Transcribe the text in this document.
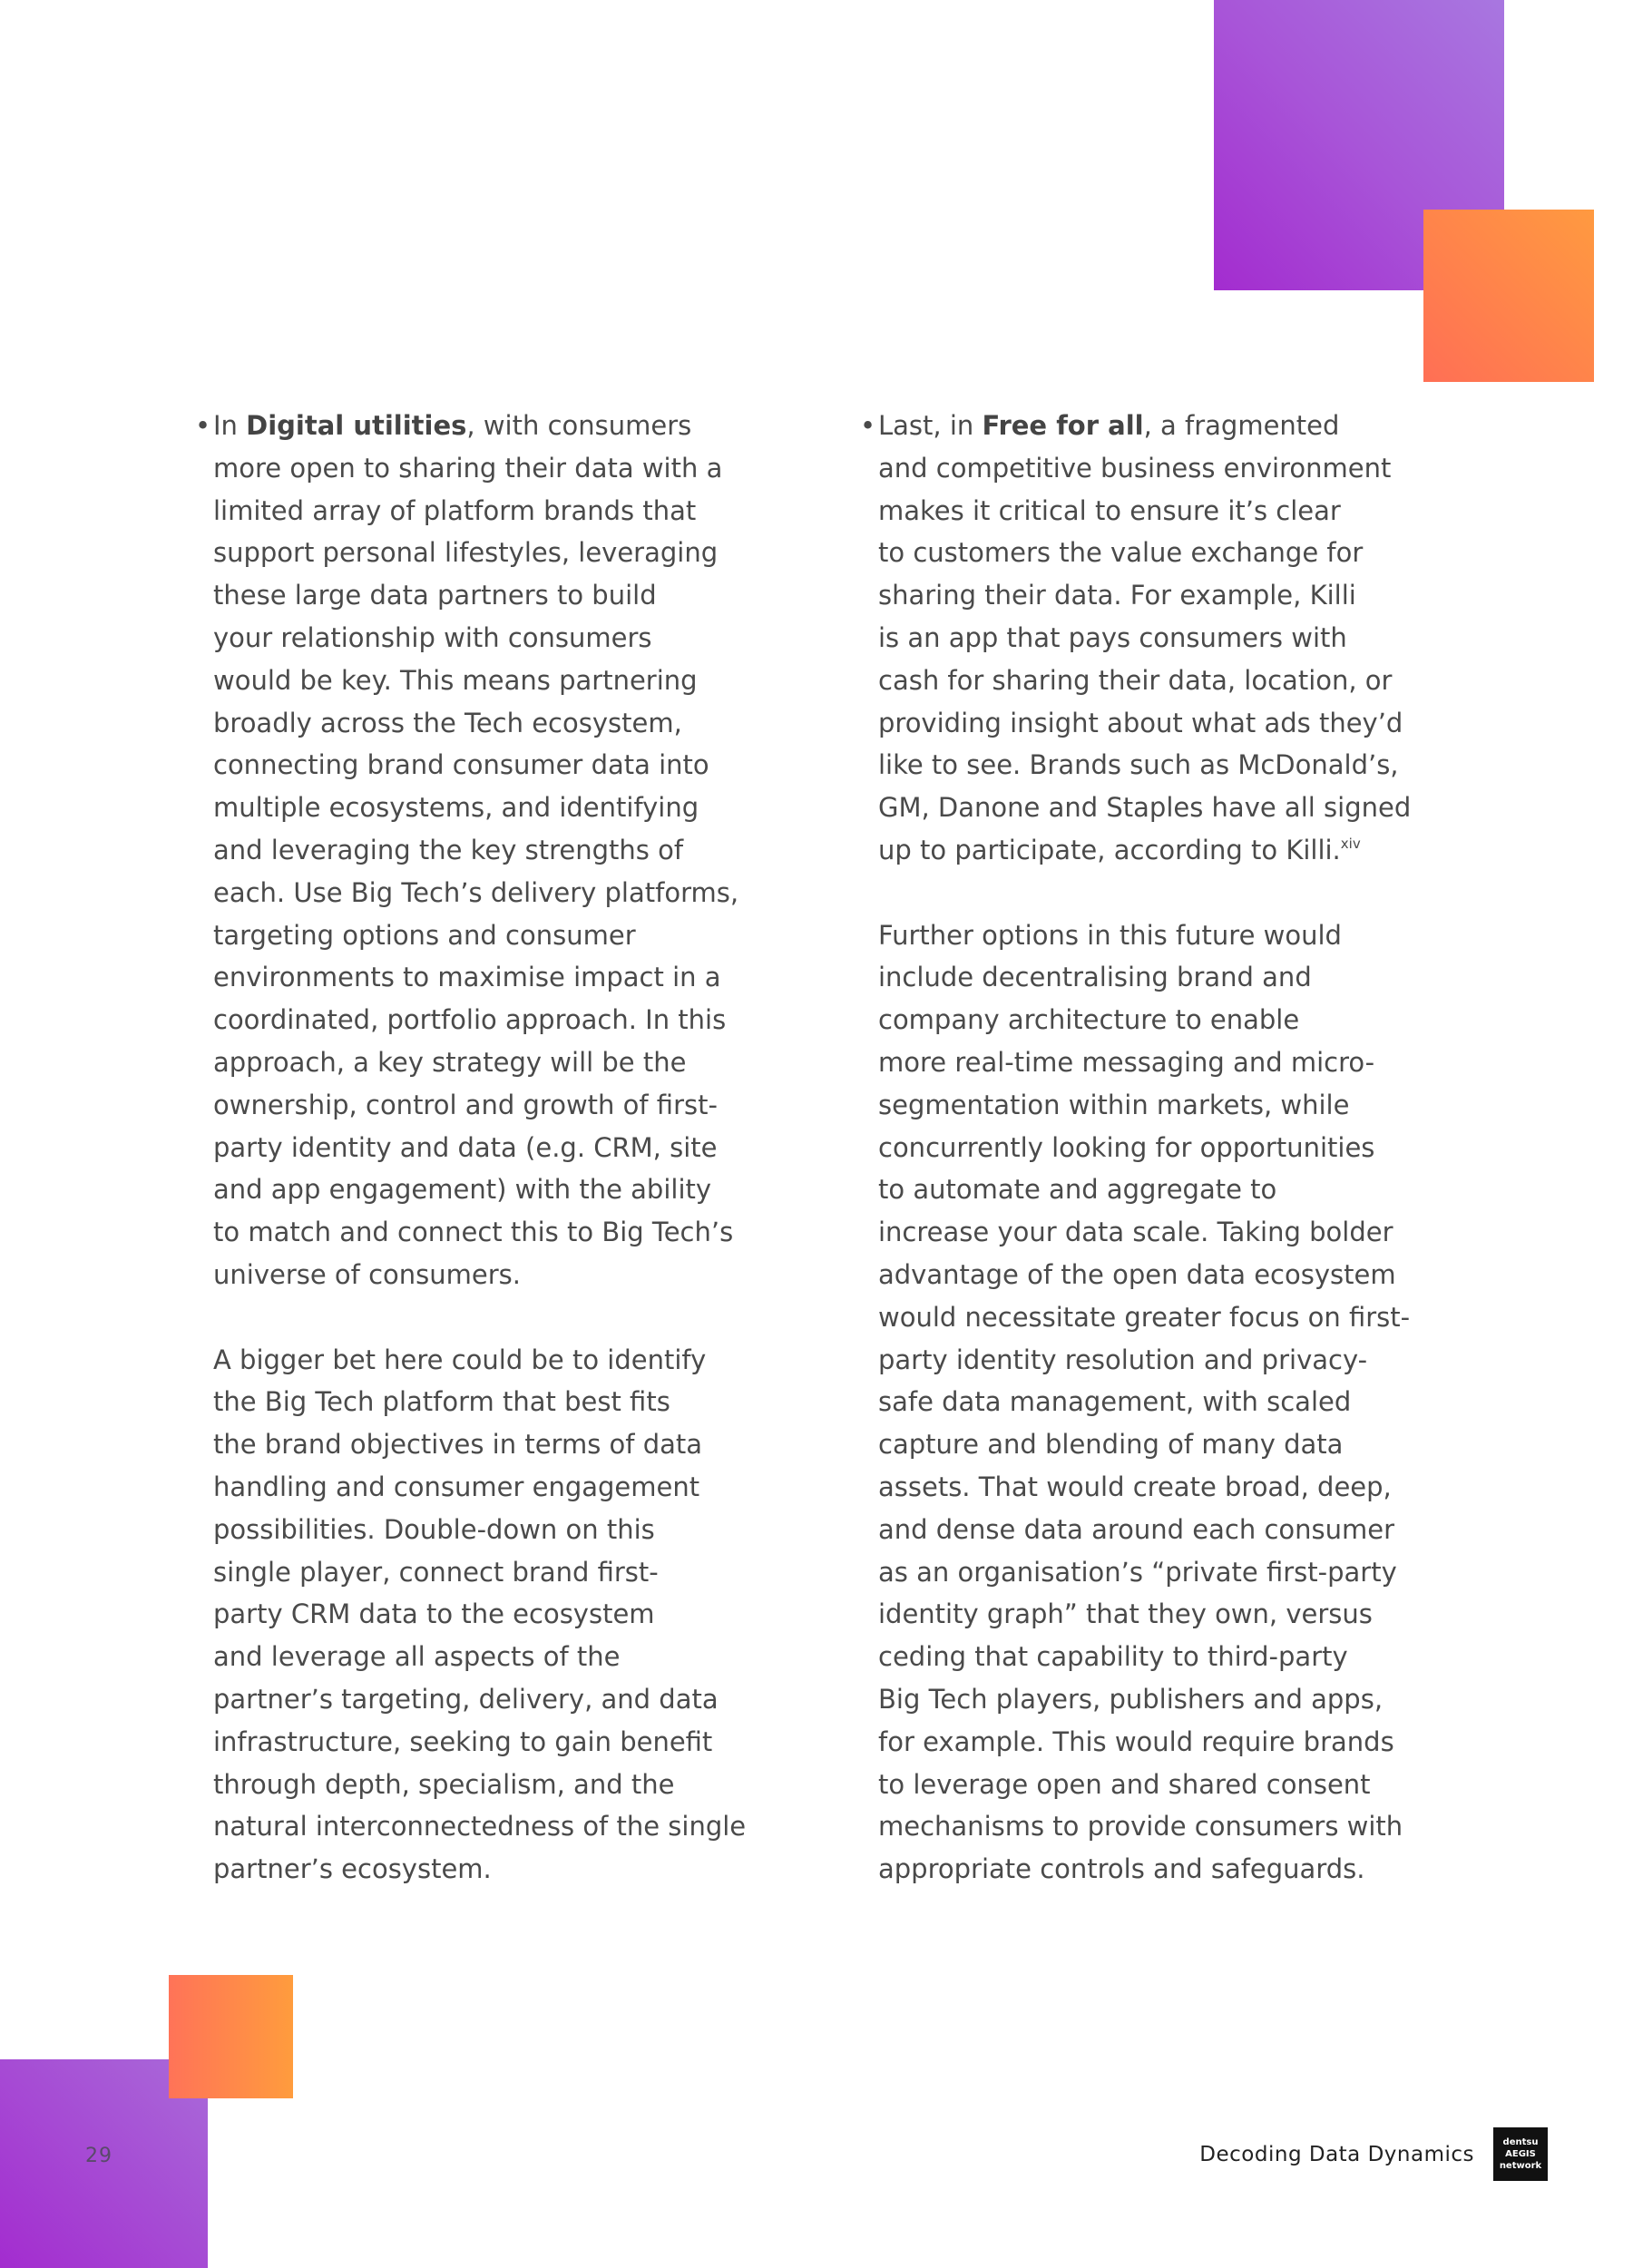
• In Digital utilities, with consumers
more open to sharing their data with a
limited array of platform brands that
support personal lifestyles, leveraging
these large data partners to build
your relationship with consumers
would be key. This means partnering
broadly across the Tech ecosystem,
connecting brand consumer data into
multiple ecosystems, and identifying
and leveraging the key strengths of
each. Use Big Tech’s delivery platforms,
targeting options and consumer
environments to maximise impact in a
coordinated, portfolio approach. In this
approach, a key strategy will be the
ownership, control and growth of first-
party identity and data (e.g. CRM, site
and app engagement) with the ability
to match and connect this to Big Tech’s
universe of consumers.
A bigger bet here could be to identify
the Big Tech platform that best fits
the brand objectives in terms of data
handling and consumer engagement
possibilities. Double-down on this
single player, connect brand first-
party CRM data to the ecosystem
and leverage all aspects of the
partner’s targeting, delivery, and data
infrastructure, seeking to gain benefit
through depth, specialism, and the
natural interconnectedness of the single
partner’s ecosystem.
• Last, in Free for all, a fragmented
and competitive business environment
makes it critical to ensure it’s clear
to customers the value exchange for
sharing their data. For example, Killi
is an app that pays consumers with
cash for sharing their data, location, or
providing insight about what ads they’d
like to see. Brands such as McDonald’s,
GM, Danone and Staples have all signed
up to participate, according to Killi.$^{xiv}$
Further options in this future would
include decentralising brand and
company architecture to enable
more real-time messaging and micro-
segmentation within markets, while
concurrently looking for opportunities
to automate and aggregate to
increase your data scale. Taking bolder
advantage of the open data ecosystem
would necessitate greater focus on first-
party identity resolution and privacy-
safe data management, with scaled
capture and blending of many data
assets. That would create broad, deep,
and dense data around each consumer
as an organisation’s “private first-party
identity graph” that they own, versus
ceding that capability to third-party
Big Tech players, publishers and apps,
for example. This would require brands
to leverage open and shared consent
mechanisms to provide consumers with
appropriate controls and safeguards.
29	Decoding Data Dynamics
dentsu
AEGIS
network
